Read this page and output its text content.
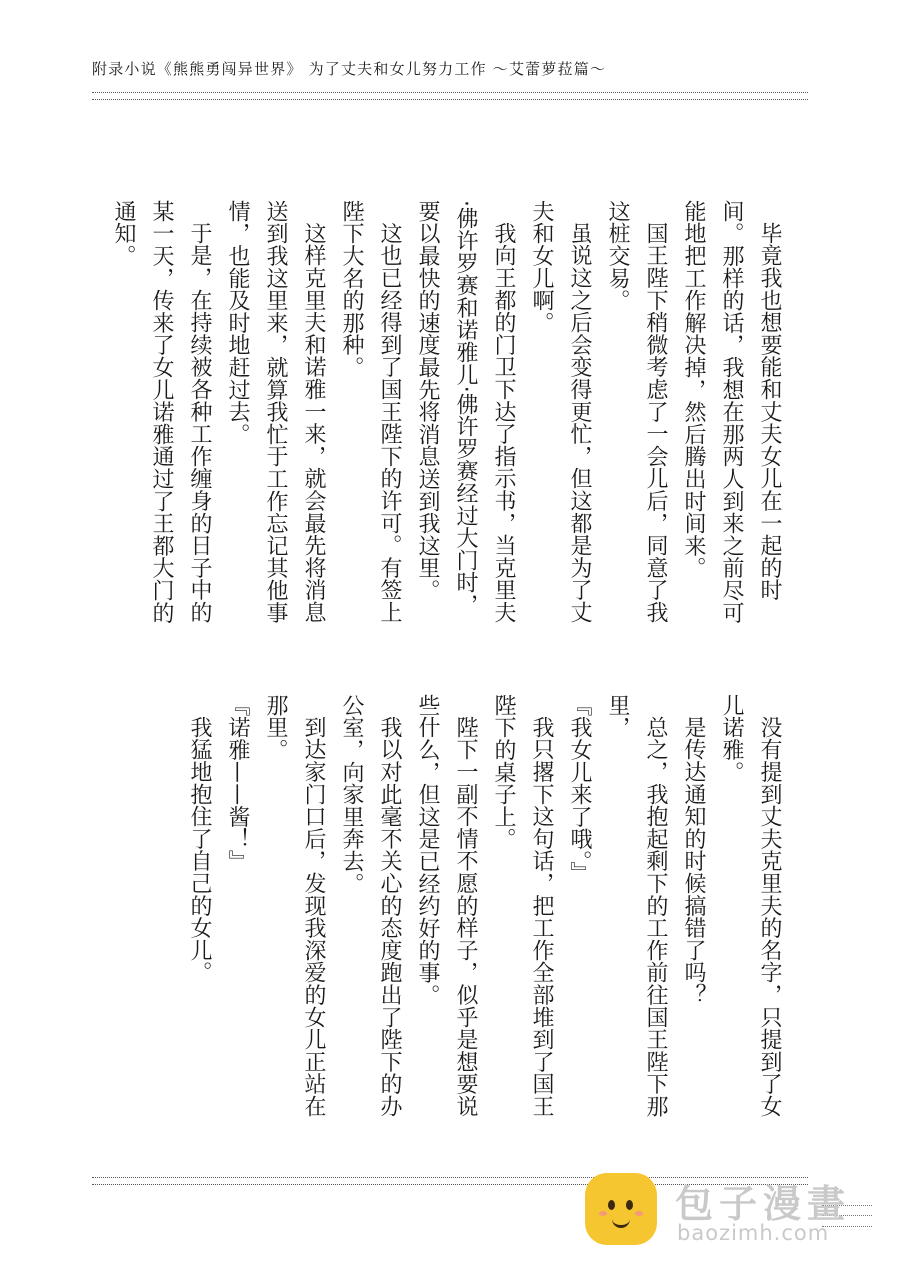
附录小说《熊熊勇闯异世界》 为了丈夫和女儿努力工作 ～艾蕾萝菈篇～

毕竟我也想要能和丈夫女儿在一起的时间。那样的话，我想在那两人到来之前尽可能地把工作解决掉，然后腾出时间来。

国王陛下稍微考虑了一会儿后，同意了我这桩交易。

虽说这之后会变得更忙，但这都是为了丈夫和女儿啊。

我向王都的门卫下达了指示书，当克里夫·佛许罗赛和诺雅儿·佛许罗赛经过大门时，要以最快的速度最先将消息送到我这里。

这也已经得到了国王陛下的许可。有签上陛下大名的那种。

这样克里夫和诺雅一来，就会最先将消息送到我这里来，就算我忙于工作忘记其他事情，也能及时地赶过去。

于是，在持续被各种工作缠身的日子中的某一天，传来了女儿诺雅通过了王都大门的通知。

没有提到丈夫克里夫的名字，只提到了女儿诺雅。

是传达通知的时候搞错了吗？

总之，我抱起剩下的工作前往国王陛下那里，

『我女儿来了哦。』

我只撂下这句话，把工作全部堆到了国王陛下的桌子上。

陛下一副不情不愿的样子，似乎是想要说些什么，但这是已经约好的事。

我以对此毫不关心的态度跑出了陛下的办公室，向家里奔去。

到达家门口后，发现我深爱的女儿正站在那里。

『诺雅——酱！』

我猛地抱住了自己的女儿。

包子漫畫
baozimh.com
